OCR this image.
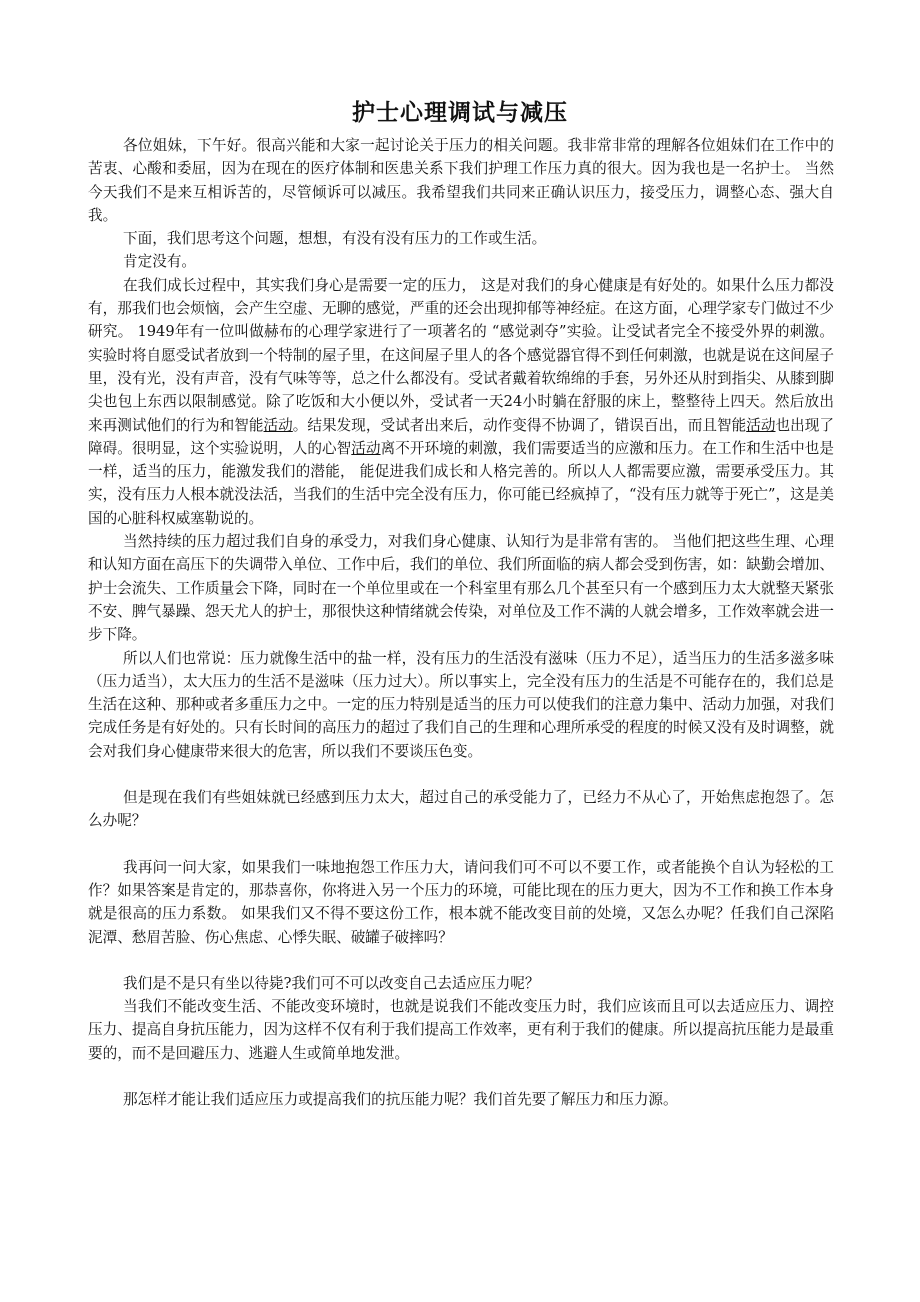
护士心理调试与减压

各位姐妹，下午好。很高兴能和大家一起讨论关于压力的相关问题。我非常非常的理解各位姐妹们在工作中的苦衷、心酸和委屈，因为在现在的医疗体制和医患关系下我们护理工作压力真的很大。因为我也是一名护士。 当然今天我们不是来互相诉苦的，尽管倾诉可以减压。我希望我们共同来正确认识压力，接受压力，调整心态、强大自我。

下面，我们思考这个问题，想想，有没有没有压力的工作或生活。

肯定没有。

在我们成长过程中，其实我们身心是需要一定的压力， 这是对我们的身心健康是有好处的。如果什么压力都没有，那我们也会烦恼，会产生空虚、无聊的感觉，严重的还会出现抑郁等神经症。在这方面，心理学家专门做过不少研究。 1949年有一位叫做赫布的心理学家进行了一项著名的 “感觉剥夺”实验。让受试者完全不接受外界的刺激。实验时将自愿受试者放到一个特制的屋子里，在这间屋子里人的各个感觉器官得不到任何刺激，也就是说在这间屋子里，没有光，没有声音，没有气味等等，总之什么都没有。受试者戴着软绵绵的手套，另外还从肘到指尖、从膝到脚尖也包上东西以限制感觉。除了吃饭和大小便以外，受试者一天24小时躺在舒服的床上，整整待上四天。然后放出来再测试他们的行为和智能活动。结果发现，受试者出来后，动作变得不协调了，错误百出，而且智能活动也出现了障碍。很明显，这个实验说明，人的心智活动离不开环境的刺激，我们需要适当的应激和压力。在工作和生活中也是一样，适当的压力，能激发我们的潜能， 能促进我们成长和人格完善的。所以人人都需要应激，需要承受压力。其实，没有压力人根本就没法活，当我们的生活中完全没有压力，你可能已经疯掉了，“没有压力就等于死亡”，这是美国的心脏科权威塞勒说的。

当然持续的压力超过我们自身的承受力，对我们身心健康、认知行为是非常有害的。 当他们把这些生理、心理和认知方面在高压下的失调带入单位、工作中后，我们的单位、我们所面临的病人都会受到伤害，如：缺勤会增加、护士会流失、工作质量会下降，同时在一个单位里或在一个科室里有那么几个甚至只有一个感到压力太大就整天紧张不安、脾气暴躁、怨天尤人的护士，那很快这种情绪就会传染，对单位及工作不满的人就会增多，工作效率就会进一步下降。

所以人们也常说：压力就像生活中的盐一样，没有压力的生活没有滋味（压力不足），适当压力的生活多滋多味（压力适当），太大压力的生活不是滋味（压力过大）。所以事实上，完全没有压力的生活是不可能存在的，我们总是生活在这种、那种或者多重压力之中。一定的压力特别是适当的压力可以使我们的注意力集中、活动力加强，对我们完成任务是有好处的。只有长时间的高压力的超过了我们自己的生理和心理所承受的程度的时候又没有及时调整，就会对我们身心健康带来很大的危害，所以我们不要谈压色变。

但是现在我们有些姐妹就已经感到压力太大，超过自己的承受能力了，已经力不从心了，开始焦虑抱怨了。怎么办呢？

我再问一问大家，如果我们一味地抱怨工作压力大，请问我们可不可以不要工作，或者能换个自认为轻松的工作？如果答案是肯定的，那恭喜你，你将进入另一个压力的环境，可能比现在的压力更大，因为不工作和换工作本身就是很高的压力系数。 如果我们又不得不要这份工作，根本就不能改变目前的处境，又怎么办呢？任我们自己深陷泥潭、愁眉苦脸、伤心焦虑、心悸失眠、破罐子破摔吗？

我们是不是只有坐以待毙?我们可不可以改变自己去适应压力呢？

当我们不能改变生活、不能改变环境时，也就是说我们不能改变压力时，我们应该而且可以去适应压力、调控压力、提高自身抗压能力，因为这样不仅有利于我们提高工作效率，更有利于我们的健康。所以提高抗压能力是最重要的，而不是回避压力、逃避人生或简单地发泄。

那怎样才能让我们适应压力或提高我们的抗压能力呢？我们首先要了解压力和压力源。
